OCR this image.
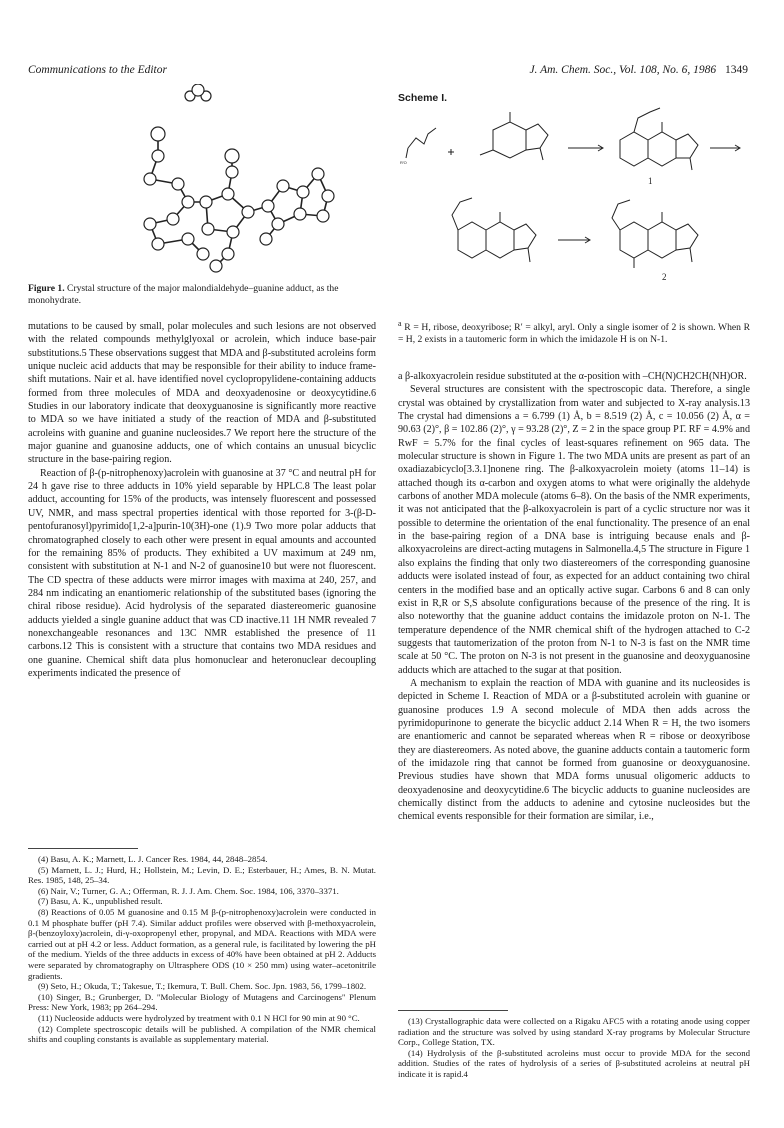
Communications to the Editor	J. Am. Chem. Soc., Vol. 108, No. 6, 1986 1349
Figure 1. Crystal structure of the major malondialdehyde–guanine adduct, as the monohydrate.
Scheme I.
R′O
1
2
$^a$ R = H, ribose, deoxyribose; R′ = alkyl, aryl. Only a single isomer of 2 is shown. When R = H, 2 exists in a tautomeric form in which the imidazole H is on N-1.

mutations to be caused by small, polar molecules and such lesions are not observed with the related compounds methylglyoxal or acrolein, which induce base-pair substitutions.5 These observations suggest that MDA and β-substituted acroleins form unique nucleic acid adducts that may be responsible for their ability to induce frame-shift mutations. Nair et al. have identified novel cyclopropylidene-containing adducts formed from three molecules of MDA and deoxyadenosine or deoxycytidine.6 Studies in our laboratory indicate that deoxyguanosine is significantly more reactive to MDA so we have initiated a study of the reaction of MDA and β-substituted acroleins with guanine and guanine nucleosides.7 We report here the structure of the major guanine and guanosine adducts, one of which contains an unusual bicyclic structure in the base-pairing region.

Reaction of β-(p-nitrophenoxy)acrolein with guanosine at 37 °C and neutral pH for 24 h gave rise to three adducts in 10% yield separable by HPLC.8 The least polar adduct, accounting for 15% of the products, was intensely fluorescent and possessed UV, NMR, and mass spectral properties identical with those reported for 3-(β-D-pentofuranosyl)pyrimido[1,2-a]purin-10(3H)-one (1).9 Two more polar adducts that chromatographed closely to each other were present in equal amounts and accounted for the remaining 85% of products. They exhibited a UV maximum at 249 nm, consistent with substitution at N-1 and N-2 of guanosine10 but were not fluorescent. The CD spectra of these adducts were mirror images with maxima at 240, 257, and 284 nm indicating an enantiomeric relationship of the substituted bases (ignoring the chiral ribose residue). Acid hydrolysis of the separated diastereomeric guanosine adducts yielded a single guanine adduct that was CD inactive.11 1H NMR revealed 7 nonexchangeable resonances and 13C NMR established the presence of 11 carbons.12 This is consistent with a structure that contains two MDA residues and one guanine. Chemical shift data plus homonuclear and heteronuclear decoupling experiments indicated the presence of

a β-alkoxyacrolein residue substituted at the α-position with –CH(N)CH2CH(NH)OR.

Several structures are consistent with the spectroscopic data. Therefore, a single crystal was obtained by crystallization from water and subjected to X-ray analysis.13 The crystal had dimensions a = 6.799 (1) Å, b = 8.519 (2) Å, c = 10.056 (2) Å, α = 90.63 (2)°, β = 102.86 (2)°, γ = 93.28 (2)°, Z = 2 in the space group P1̄. RF = 4.9% and RwF = 5.7% for the final cycles of least-squares refinement on 965 data. The molecular structure is shown in Figure 1. The two MDA units are present as part of an oxadiazabicyclo[3.3.1]nonene ring. The β-alkoxyacrolein moiety (atoms 11–14) is attached though its α-carbon and oxygen atoms to what were originally the aldehyde carbons of another MDA molecule (atoms 6–8). On the basis of the NMR experiments, it was not anticipated that the β-alkoxyacrolein is part of a cyclic structure nor was it possible to determine the orientation of the enal functionality. The presence of an enal in the base-pairing region of a DNA base is intriguing because enals and β-alkoxyacroleins are direct-acting mutagens in Salmonella.4,5 The structure in Figure 1 also explains the finding that only two diastereomers of the corresponding guanosine adducts were isolated instead of four, as expected for an adduct containing two chiral centers in the modified base and an optically active sugar. Carbons 6 and 8 can only exist in R,R or S,S absolute configurations because of the presence of the ring. It is also noteworthy that the guanine adduct contains the imidazole proton on N-1. The temperature dependence of the NMR chemical shift of the hydrogen attached to C-2 suggests that tautomerization of the proton from N-1 to N-3 is fast on the NMR time scale at 50 °C. The proton on N-3 is not present in the guanosine and deoxyguanosine adducts which are attached to the sugar at that position.

A mechanism to explain the reaction of MDA with guanine and its nucleosides is depicted in Scheme I. Reaction of MDA or a β-substituted acrolein with guanine or guanosine produces 1.9 A second molecule of MDA then adds across the pyrimidopurinone to generate the bicyclic adduct 2.14 When R = H, the two isomers are enantiomeric and cannot be separated whereas when R = ribose or deoxyribose they are diastereomers. As noted above, the guanine adducts contain a tautomeric form of the imidazole ring that cannot be formed from guanosine or deoxyguanosine. Previous studies have shown that MDA forms unusual oligomeric adducts to deoxyadenosine and deoxycytidine.6 The bicyclic adducts to guanine nucleosides are chemically distinct from the adducts to adenine and cytosine nucleosides but the chemical events responsible for their formation are similar, i.e.,

(4) Basu, A. K.; Marnett, L. J. Cancer Res. 1984, 44, 2848–2854.

(5) Marnett, L. J.; Hurd, H.; Hollstein, M.; Levin, D. E.; Esterbauer, H.; Ames, B. N. Mutat. Res. 1985, 148, 25–34.

(6) Nair, V.; Turner, G. A.; Offerman, R. J. J. Am. Chem. Soc. 1984, 106, 3370–3371.

(7) Basu, A. K., unpublished result.

(8) Reactions of 0.05 M guanosine and 0.15 M β-(p-nitrophenoxy)acrolein were conducted in 0.1 M phosphate buffer (pH 7.4). Similar adduct profiles were observed with β-methoxyacrolein, β-(benzoyloxy)acrolein, di-γ-oxopropenyl ether, propynal, and MDA. Reactions with MDA were carried out at pH 4.2 or less. Adduct formation, as a general rule, is facilitated by lowering the pH of the medium. Yields of the three adducts in excess of 40% have been obtained at pH 2. Adducts were separated by chromatography on Ultrasphere ODS (10 × 250 mm) using water–acetonitrile gradients.

(9) Seto, H.; Okuda, T.; Takesue, T.; Ikemura, T. Bull. Chem. Soc. Jpn. 1983, 56, 1799–1802.

(10) Singer, B.; Grunberger, D. "Molecular Biology of Mutagens and Carcinogens" Plenum Press: New York, 1983; pp 264–294.

(11) Nucleoside adducts were hydrolyzed by treatment with 0.1 N HCl for 90 min at 90 °C.

(12) Complete spectroscopic details will be published. A compilation of the NMR chemical shifts and coupling constants is available as supplementary material.

(13) Crystallographic data were collected on a Rigaku AFC5 with a rotating anode using copper radiation and the structure was solved by using standard X-ray programs by Molecular Structure Corp., College Station, TX.

(14) Hydrolysis of the β-substituted acroleins must occur to provide MDA for the second addition. Studies of the rates of hydrolysis of a series of β-substituted acroleins at neutral pH indicate it is rapid.4
